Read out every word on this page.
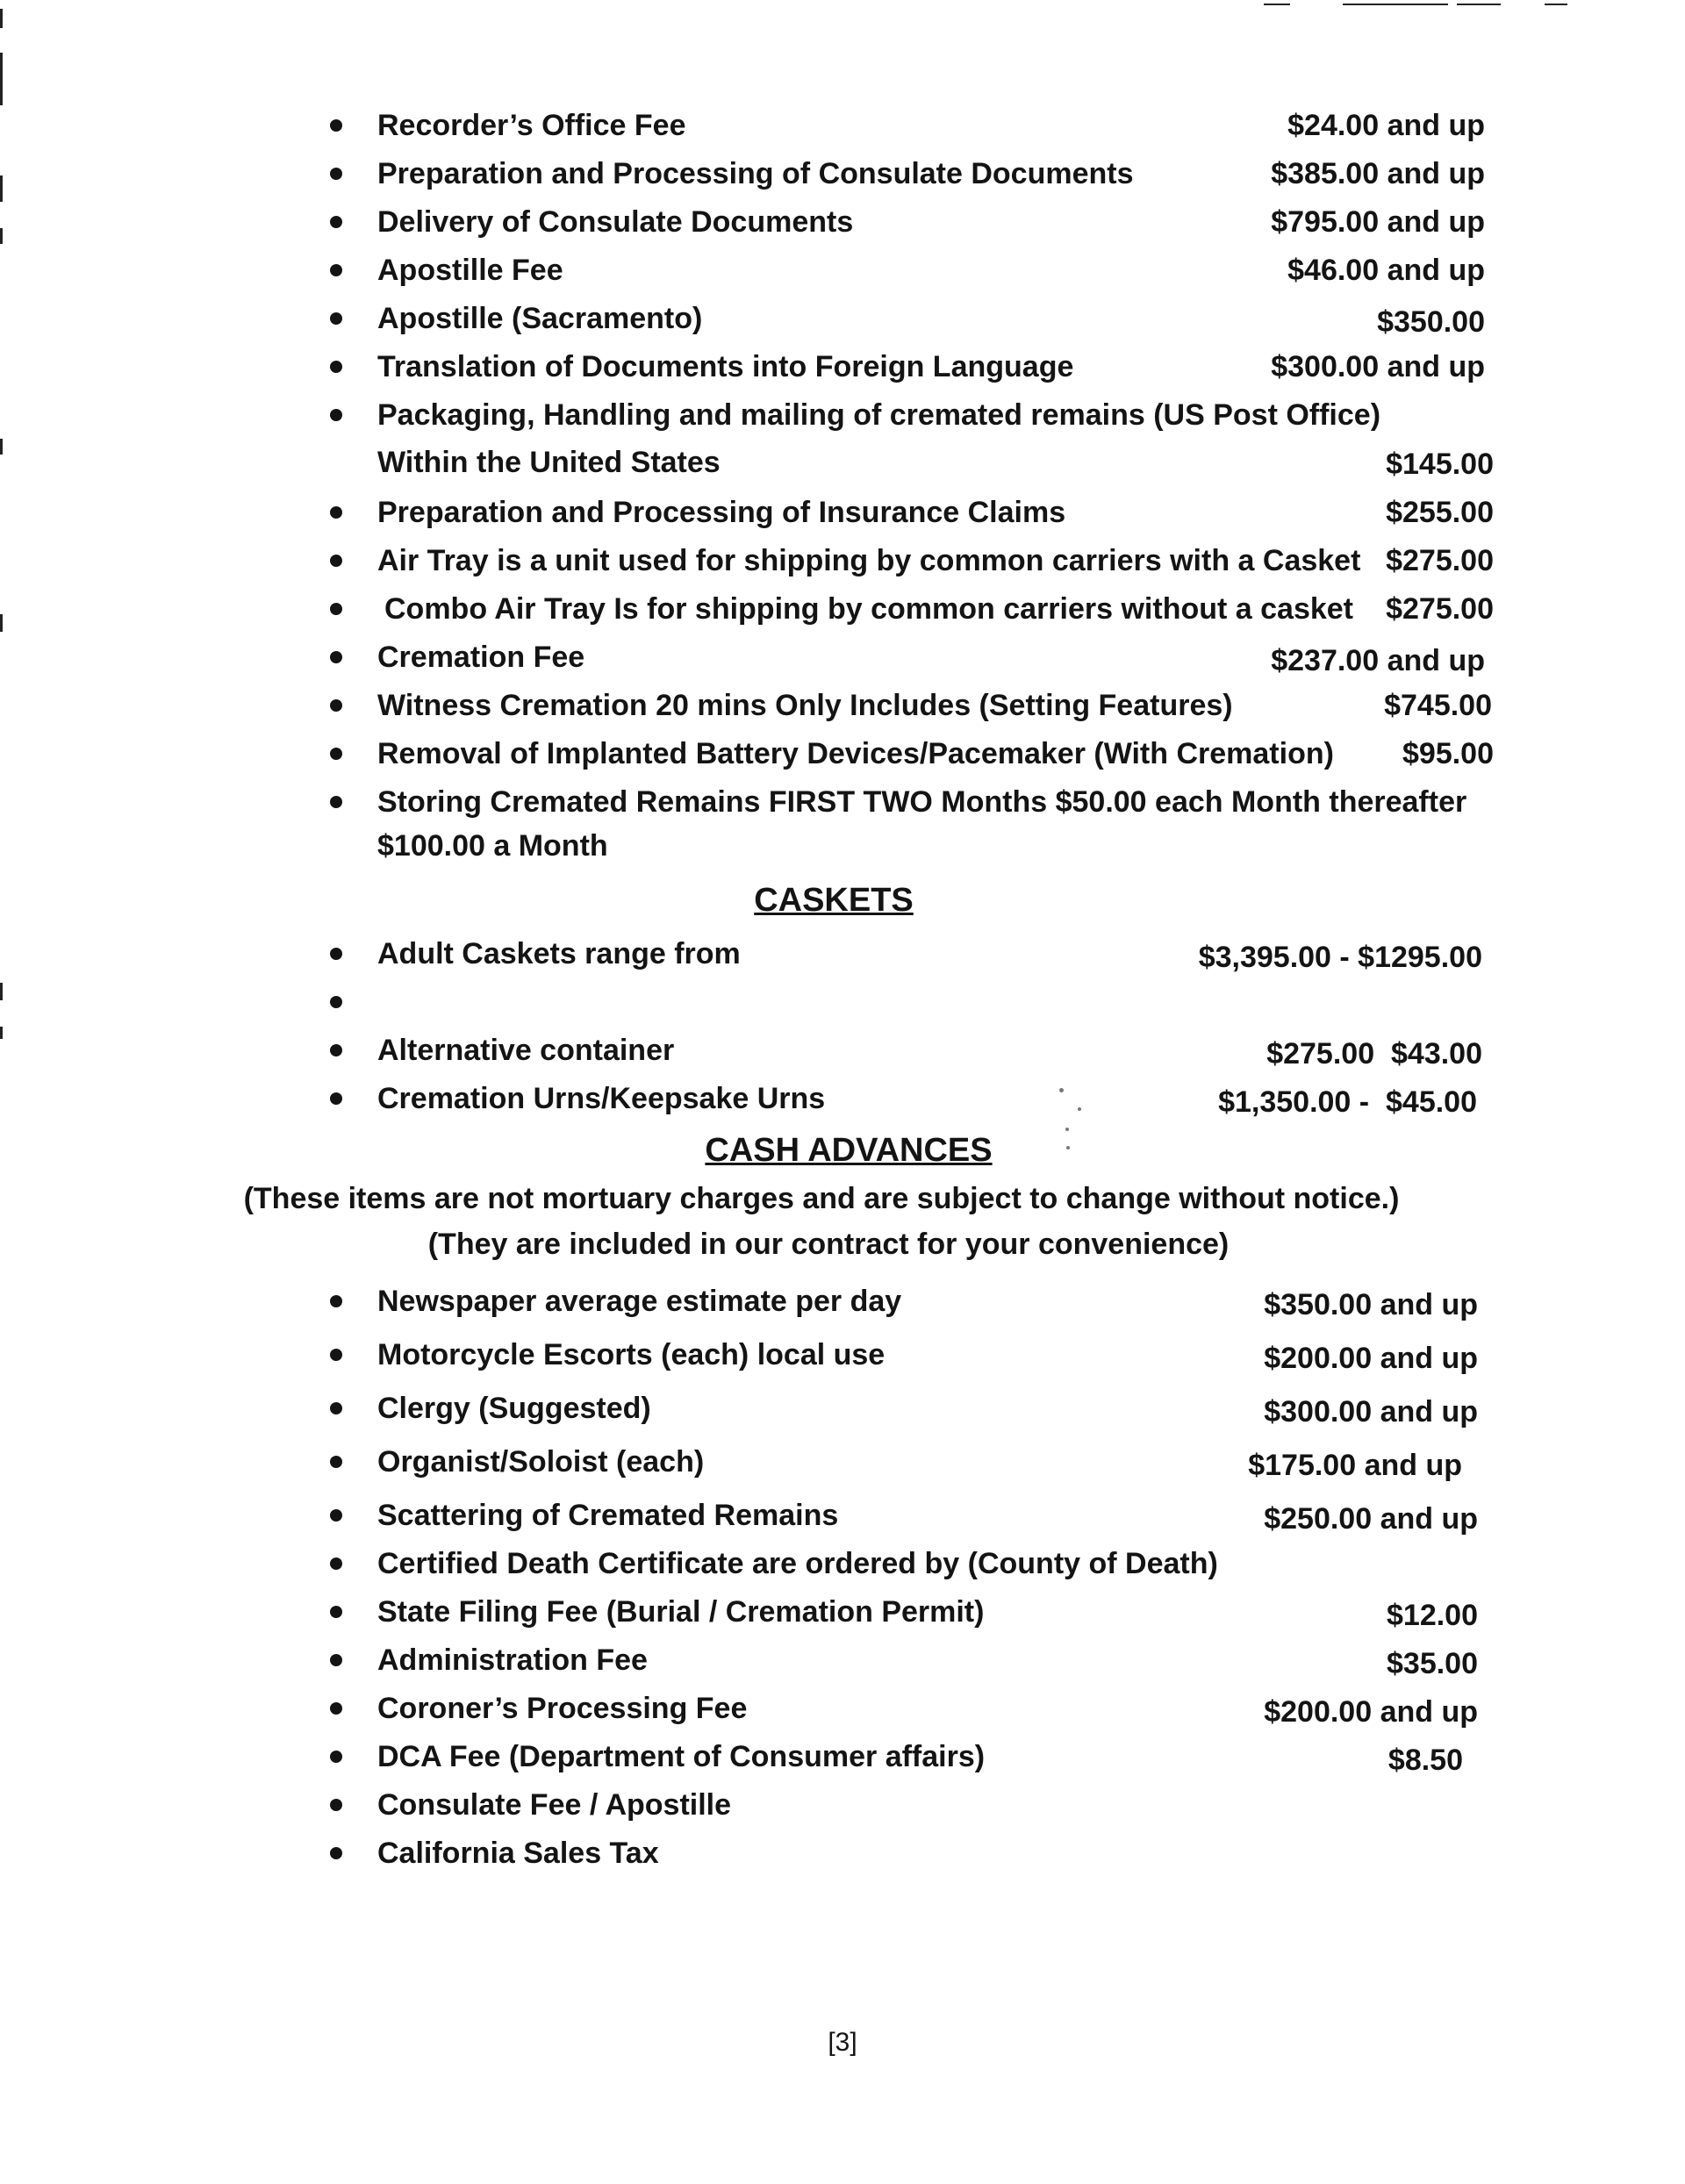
Recorder’s Office Fee	$24.00 and up
Preparation and Processing of Consulate Documents	$385.00 and up
Delivery of Consulate Documents	$795.00 and up
Apostille Fee	$46.00 and up
Apostille (Sacramento)	$350.00
Translation of Documents into Foreign Language	$300.00 and up
Packaging, Handling and mailing of cremated remains (US Post Office)
Within the United States	$145.00
Preparation and Processing of Insurance Claims	$255.00
Air Tray is a unit used for shipping by common carriers with a Casket $275.00
Combo Air Tray Is for shipping by common carriers without a casket $275.00
Cremation Fee	$237.00 and up
Witness Cremation 20 mins Only Includes (Setting Features)	$745.00
Removal of Implanted Battery Devices/Pacemaker (With Cremation) $95.00
Storing Cremated Remains FIRST TWO Months $50.00 each Month thereafter
$100.00 a Month
CASKETS
Adult Caskets range from	$3,395.00 - $1295.00
Alternative container	$275.00  $43.00
Cremation Urns/Keepsake Urns	$1,350.00 -  $45.00
CASH ADVANCES
(These items are not mortuary charges and are subject to change without notice.)
(They are included in our contract for your convenience)
Newspaper average estimate per day	$350.00 and up
Motorcycle Escorts (each) local use	$200.00 and up
Clergy (Suggested)	$300.00 and up
Organist/Soloist (each)	$175.00 and up
Scattering of Cremated Remains	$250.00 and up
Certified Death Certificate are ordered by (County of Death)
State Filing Fee (Burial / Cremation Permit)	$12.00
Administration Fee	$35.00
Coroner’s Processing Fee	$200.00 and up
DCA Fee (Department of Consumer affairs)	$8.50
Consulate Fee / Apostille
California Sales Tax
[3]
